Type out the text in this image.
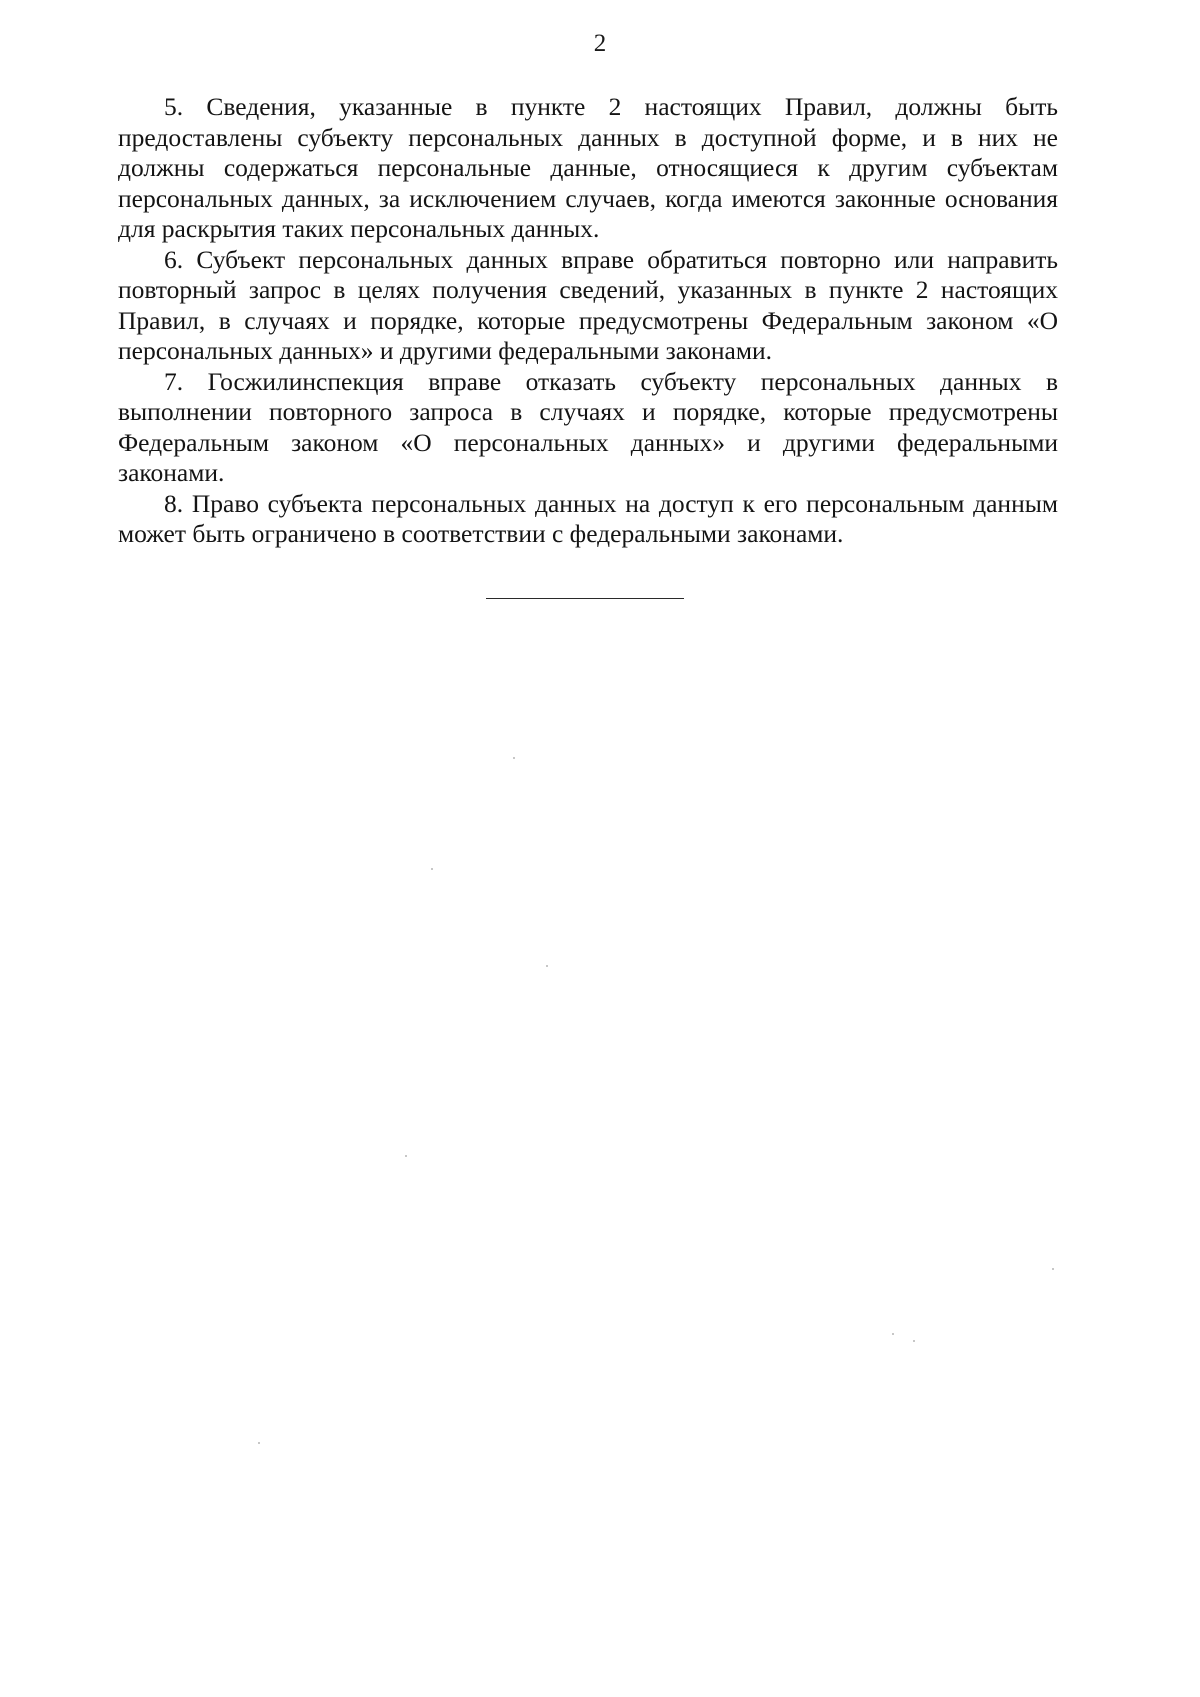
2

5. Сведения, указанные в пункте 2 настоящих Правил, должны быть предоставлены субъекту персональных данных в доступной форме, и в них не должны содержаться персональные данные, относящиеся к другим субъектам персональных данных, за исключением случаев, когда имеются законные основания для раскрытия таких персональных данных.

6. Субъект персональных данных вправе обратиться повторно или направить повторный запрос в целях получения сведений, указанных в пункте 2 настоящих Правил, в случаях и порядке, которые предусмотрены Федеральным законом «О персональных данных» и другими федеральными законами.

7. Госжилинспекция вправе отказать субъекту персональных данных в выполнении повторного запроса в случаях и порядке, которые предусмотрены Федеральным законом «О персональных данных» и другими федеральными законами.

8. Право субъекта персональных данных на доступ к его персональным данным может быть ограничено в соответствии с федеральными законами.
